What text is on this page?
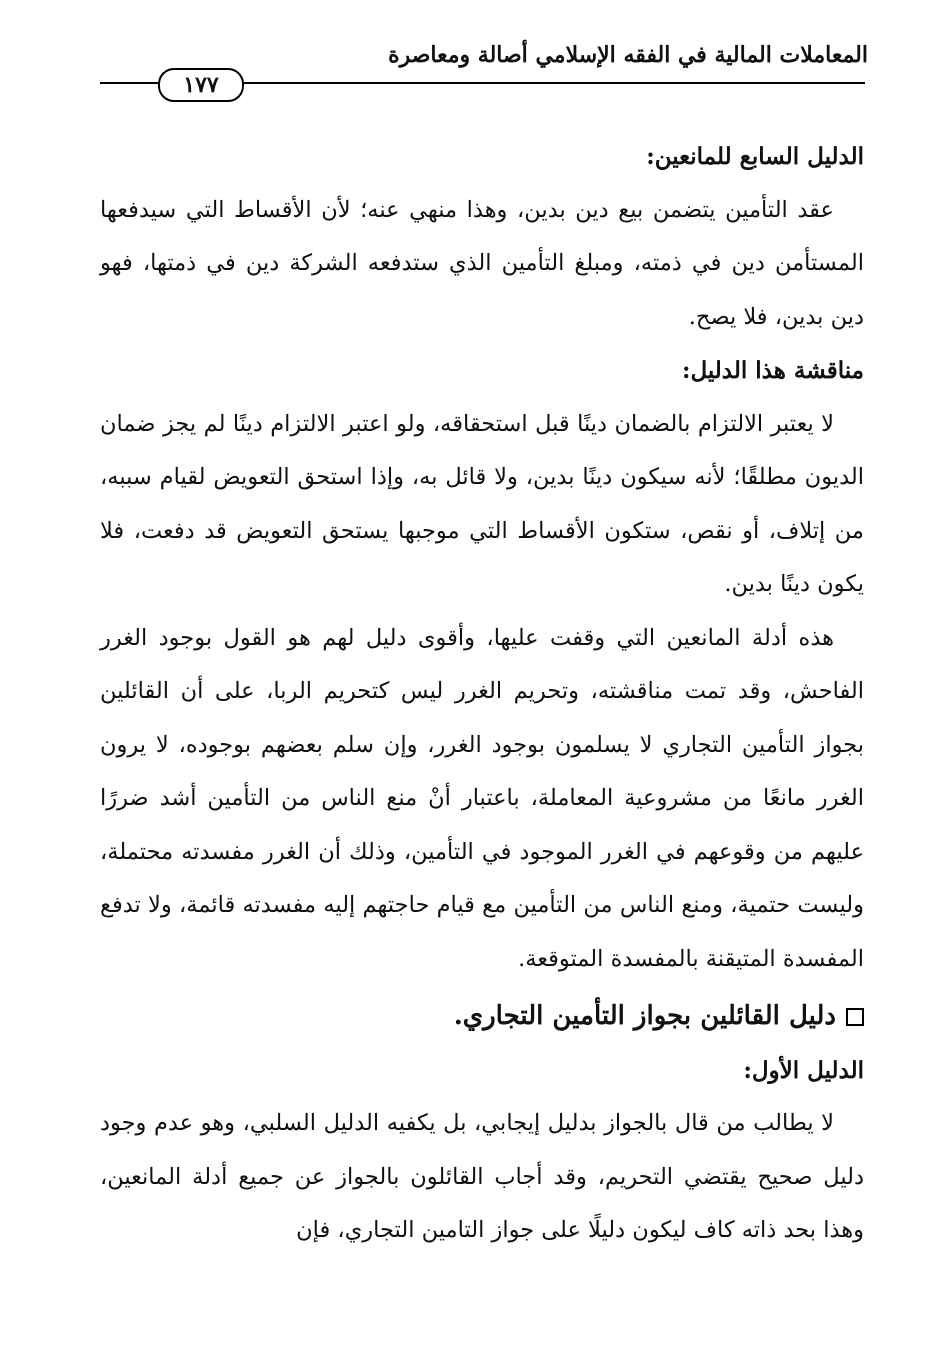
المعاملات المالية في الفقه الإسلامي أصالة ومعاصرة
١٧٧

الدليل السابع للمانعين:

عقد التأمين يتضمن بيع دين بدين، وهذا منهي عنه؛ لأن الأقساط التي سيدفعها المستأمن دين في ذمته، ومبلغ التأمين الذي ستدفعه الشركة دين في ذمتها، فهو دين بدين، فلا يصح.

مناقشة هذا الدليل:

لا يعتبر الالتزام بالضمان دينًا قبل استحقاقه، ولو اعتبر الالتزام دينًا لم يجز ضمان الديون مطلقًا؛ لأنه سيكون دينًا بدين، ولا قائل به، وإذا استحق التعويض لقيام سببه، من إتلاف، أو نقص، ستكون الأقساط التي موجبها يستحق التعويض قد دفعت، فلا يكون دينًا بدين.

هذه أدلة المانعين التي وقفت عليها، وأقوى دليل لهم هو القول بوجود الغرر الفاحش، وقد تمت مناقشته، وتحريم الغرر ليس كتحريم الربا، على أن القائلين بجواز التأمين التجاري لا يسلمون بوجود الغرر، وإن سلم بعضهم بوجوده، لا يرون الغرر مانعًا من مشروعية المعاملة، باعتبار أنْ منع الناس من التأمين أشد ضررًا عليهم من وقوعهم في الغرر الموجود في التأمين، وذلك أن الغرر مفسدته محتملة، وليست حتمية، ومنع الناس من التأمين مع قيام حاجتهم إليه مفسدته قائمة، ولا تدفع المفسدة المتيقنة بالمفسدة المتوقعة.

دليل القائلين بجواز التأمين التجاري.

الدليل الأول:

لا يطالب من قال بالجواز بدليل إيجابي، بل يكفيه الدليل السلبي، وهو عدم وجود دليل صحيح يقتضي التحريم، وقد أجاب القائلون بالجواز عن جميع أدلة المانعين، وهذا بحد ذاته كاف ليكون دليلًا على جواز التامين التجاري، فإن
